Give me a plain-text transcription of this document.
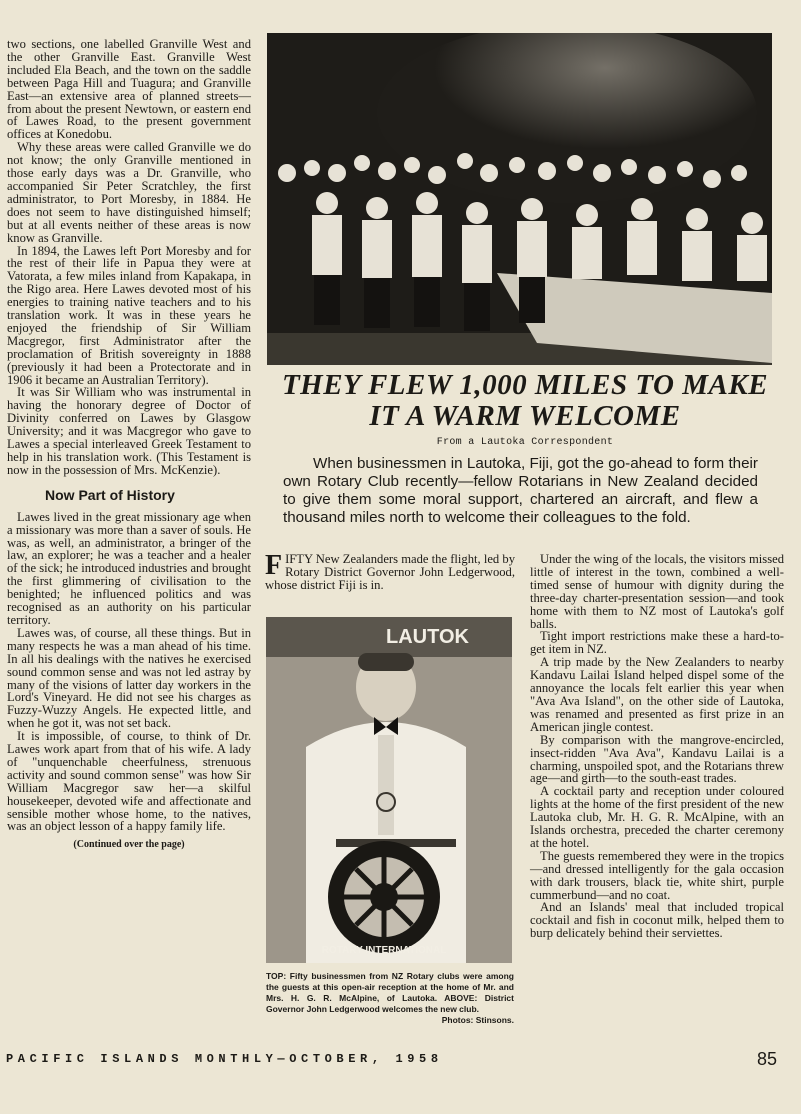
two sections, one labelled Granville West and the other Granville East. Granville West included Ela Beach, and the town on the saddle between Paga Hill and Tuagura; and Granville East—an extensive area of planned streets—from about the present Newtown, or eastern end of Lawes Road, to the present government offices at Konedobu.

Why these areas were called Granville we do not know; the only Granville mentioned in those early days was a Dr. Granville, who accompanied Sir Peter Scratchley, the first administrator, to Port Moresby, in 1884. He does not seem to have distinguished himself; but at all events neither of these areas is now know as Granville.

In 1894, the Lawes left Port Moresby and for the rest of their life in Papua they were at Vatorata, a few miles inland from Kapakapa, in the Rigo area. Here Lawes devoted most of his energies to training native teachers and to his translation work. It was in these years he enjoyed the friendship of Sir William Macgregor, first Administrator after the proclamation of British sovereignty in 1888 (previously it had been a Protectorate and in 1906 it became an Australian Territory).

It was Sir William who was instrumental in having the honorary degree of Doctor of Divinity conferred on Lawes by Glasgow University; and it was Macgregor who gave to Lawes a special interleaved Greek Testament to help in his translation work. (This Testament is now in the possession of Mrs. McKenzie).

Now Part of History

Lawes lived in the great missionary age when a missionary was more than a saver of souls. He was, as well, an administrator, a bringer of the law, an explorer; he was a teacher and a healer of the sick; he introduced industries and brought the first glimmering of civilisation to the benighted; he influenced politics and was recognised as an authority on his particular territory.

Lawes was, of course, all these things. But in many respects he was a man ahead of his time. In all his dealings with the natives he exercised sound common sense and was not led astray by many of the visions of latter day workers in the Lord's Vineyard. He did not see his charges as Fuzzy-Wuzzy Angels. He expected little, and when he got it, was not set back.

It is impossible, of course, to think of Dr. Lawes work apart from that of his wife. A lady of "unquenchable cheerfulness, strenuous activity and sound common sense" was how Sir William Macgregor saw her—a skilful housekeeper, devoted wife and affectionate and sensible mother whose home, to the natives, was an object lesson of a happy family life.

(Continued over the page)

THEY FLEW 1,000 MILES TO MAKE IT A WARM WELCOME
From a Lautoka Correspondent
When businessmen in Lautoka, Fiji, got the go-ahead to form their own Rotary Club recently—fellow Rotarians in New Zealand decided to give them some moral support, chartered an aircraft, and flew a thousand miles north to welcome their colleagues to the fold.

FIFTY New Zealanders made the flight, led by Rotary District Governor John Ledgerwood, whose district Fiji is in.

LAUTOK
ROTARY INTERNATIONAL
TOP: Fifty businessmen from NZ Rotary clubs were among the guests at this open-air reception at the home of Mr. and Mrs. H. G. R. McAlpine, of Lautoka. ABOVE: District Governor John Ledgerwood welcomes the new club.
Photos: Stinsons.

Under the wing of the locals, the visitors missed little of interest in the town, combined a well-timed sense of humour with dignity during the three-day charter-presentation session—and took home with them to NZ most of Lautoka's golf balls.

Tight import restrictions make these a hard-to-get item in NZ.

A trip made by the New Zealanders to nearby Kandavu Lailai Island helped dispel some of the annoyance the locals felt earlier this year when "Ava Ava Island", on the other side of Lautoka, was renamed and presented as first prize in an American jingle contest.

By comparison with the mangrove-encircled, insect-ridden "Ava Ava", Kandavu Lailai is a charming, unspoiled spot, and the Rotarians threw age—and girth—to the south-east trades.

A cocktail party and reception under coloured lights at the home of the first president of the new Lautoka club, Mr. H. G. R. McAlpine, with an Islands orchestra, preceded the charter ceremony at the hotel.

The guests remembered they were in the tropics—and dressed intelligently for the gala occasion with dark trousers, black tie, white shirt, purple cummerbund—and no coat.

And an Islands' meal that included tropical cocktail and fish in coconut milk, helped them to burp delicately behind their serviettes.

PACIFIC ISLANDS MONTHLY—OCTOBER, 1958	85
